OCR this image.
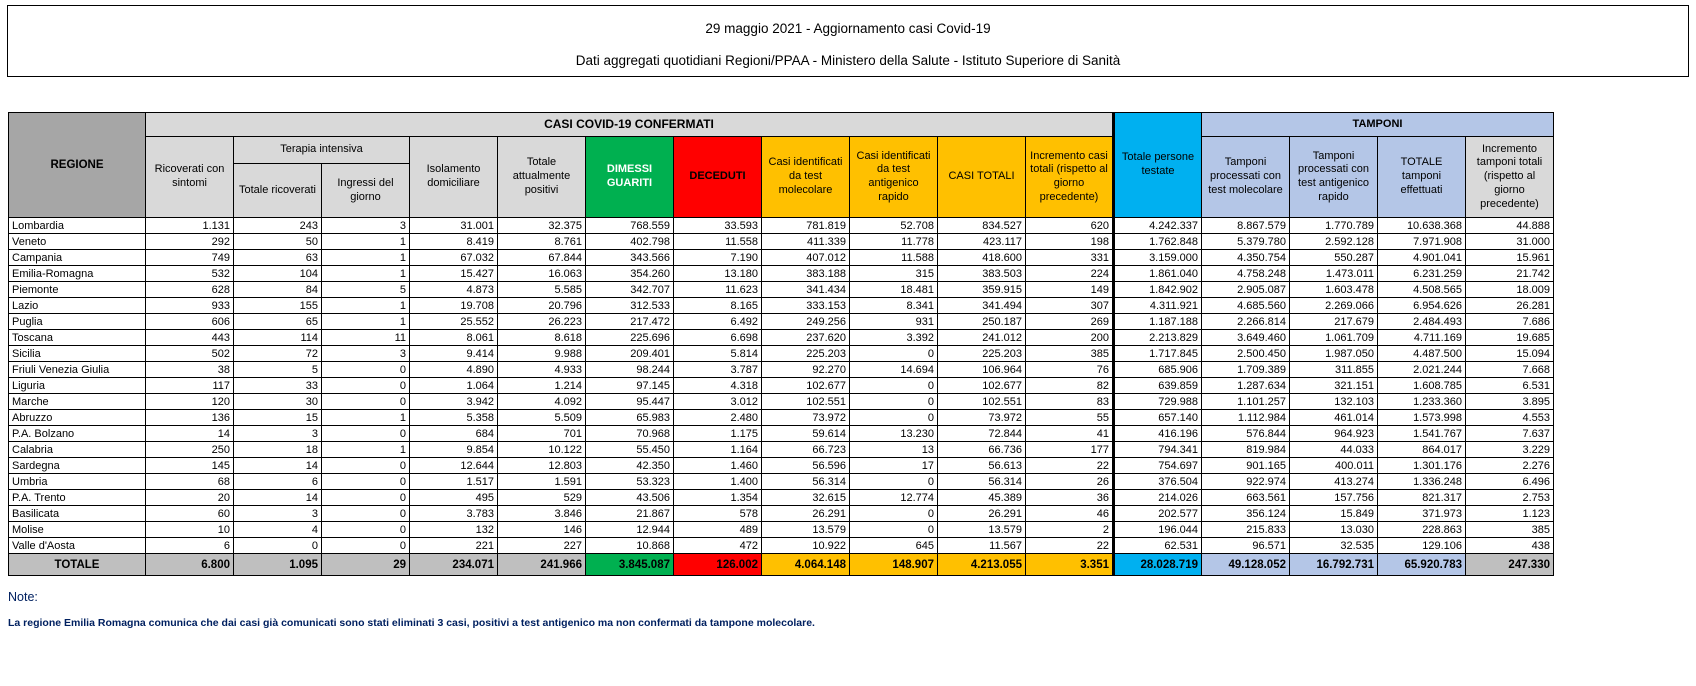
29 maggio 2021 - Aggiornamento casi Covid-19
Dati aggregati quotidiani Regioni/PPAA - Ministero della Salute - Istituto Superiore di Sanità
REGIONE	CASI COVID-19 CONFERMATI											Totale persone testate	TAMPONI			
	Ricoverati con sintomi	Terapia intensiva		Isolamento domiciliare	Totale attualmente positivi	DIMESSI GUARITI	DECEDUTI	Casi identificati da test molecolare	Casi identificati da test antigenico rapido	CASI TOTALI	Incremento casi totali (rispetto al giorno precedente)		Tamponi processati con test molecolare	Tamponi processati con test antigenico rapido	TOTALE tamponi effettuati	Incremento tamponi totali (rispetto al giorno precedente)
		Totale ricoverati	Ingressi del giorno													
Lombardia	1.131	243	3	31.001	32.375	768.559	33.593	781.819	52.708	834.527	620	4.242.337	8.867.579	1.770.789	10.638.368	44.888
Veneto	292	50	1	8.419	8.761	402.798	11.558	411.339	11.778	423.117	198	1.762.848	5.379.780	2.592.128	7.971.908	31.000
Campania	749	63	1	67.032	67.844	343.566	7.190	407.012	11.588	418.600	331	3.159.000	4.350.754	550.287	4.901.041	15.961
Emilia-Romagna	532	104	1	15.427	16.063	354.260	13.180	383.188	315	383.503	224	1.861.040	4.758.248	1.473.011	6.231.259	21.742
Piemonte	628	84	5	4.873	5.585	342.707	11.623	341.434	18.481	359.915	149	1.842.902	2.905.087	1.603.478	4.508.565	18.009
Lazio	933	155	1	19.708	20.796	312.533	8.165	333.153	8.341	341.494	307	4.311.921	4.685.560	2.269.066	6.954.626	26.281
Puglia	606	65	1	25.552	26.223	217.472	6.492	249.256	931	250.187	269	1.187.188	2.266.814	217.679	2.484.493	7.686
Toscana	443	114	11	8.061	8.618	225.696	6.698	237.620	3.392	241.012	200	2.213.829	3.649.460	1.061.709	4.711.169	19.685
Sicilia	502	72	3	9.414	9.988	209.401	5.814	225.203	0	225.203	385	1.717.845	2.500.450	1.987.050	4.487.500	15.094
Friuli Venezia Giulia	38	5	0	4.890	4.933	98.244	3.787	92.270	14.694	106.964	76	685.906	1.709.389	311.855	2.021.244	7.668
Liguria	117	33	0	1.064	1.214	97.145	4.318	102.677	0	102.677	82	639.859	1.287.634	321.151	1.608.785	6.531
Marche	120	30	0	3.942	4.092	95.447	3.012	102.551	0	102.551	83	729.988	1.101.257	132.103	1.233.360	3.895
Abruzzo	136	15	1	5.358	5.509	65.983	2.480	73.972	0	73.972	55	657.140	1.112.984	461.014	1.573.998	4.553
P.A. Bolzano	14	3	0	684	701	70.968	1.175	59.614	13.230	72.844	41	416.196	576.844	964.923	1.541.767	7.637
Calabria	250	18	1	9.854	10.122	55.450	1.164	66.723	13	66.736	177	794.341	819.984	44.033	864.017	3.229
Sardegna	145	14	0	12.644	12.803	42.350	1.460	56.596	17	56.613	22	754.697	901.165	400.011	1.301.176	2.276
Umbria	68	6	0	1.517	1.591	53.323	1.400	56.314	0	56.314	26	376.504	922.974	413.274	1.336.248	6.496
P.A. Trento	20	14	0	495	529	43.506	1.354	32.615	12.774	45.389	36	214.026	663.561	157.756	821.317	2.753
Basilicata	60	3	0	3.783	3.846	21.867	578	26.291	0	26.291	46	202.577	356.124	15.849	371.973	1.123
Molise	10	4	0	132	146	12.944	489	13.579	0	13.579	2	196.044	215.833	13.030	228.863	385
Valle d'Aosta	6	0	0	221	227	10.868	472	10.922	645	11.567	22	62.531	96.571	32.535	129.106	438
TOTALE	6.800	1.095	29	234.071	241.966	3.845.087	126.002	4.064.148	148.907	4.213.055	3.351	28.028.719	49.128.052	16.792.731	65.920.783	247.330
Note:
La regione Emilia Romagna comunica che dai casi già comunicati sono stati eliminati 3 casi, positivi a test antigenico ma non confermati da tampone molecolare.
